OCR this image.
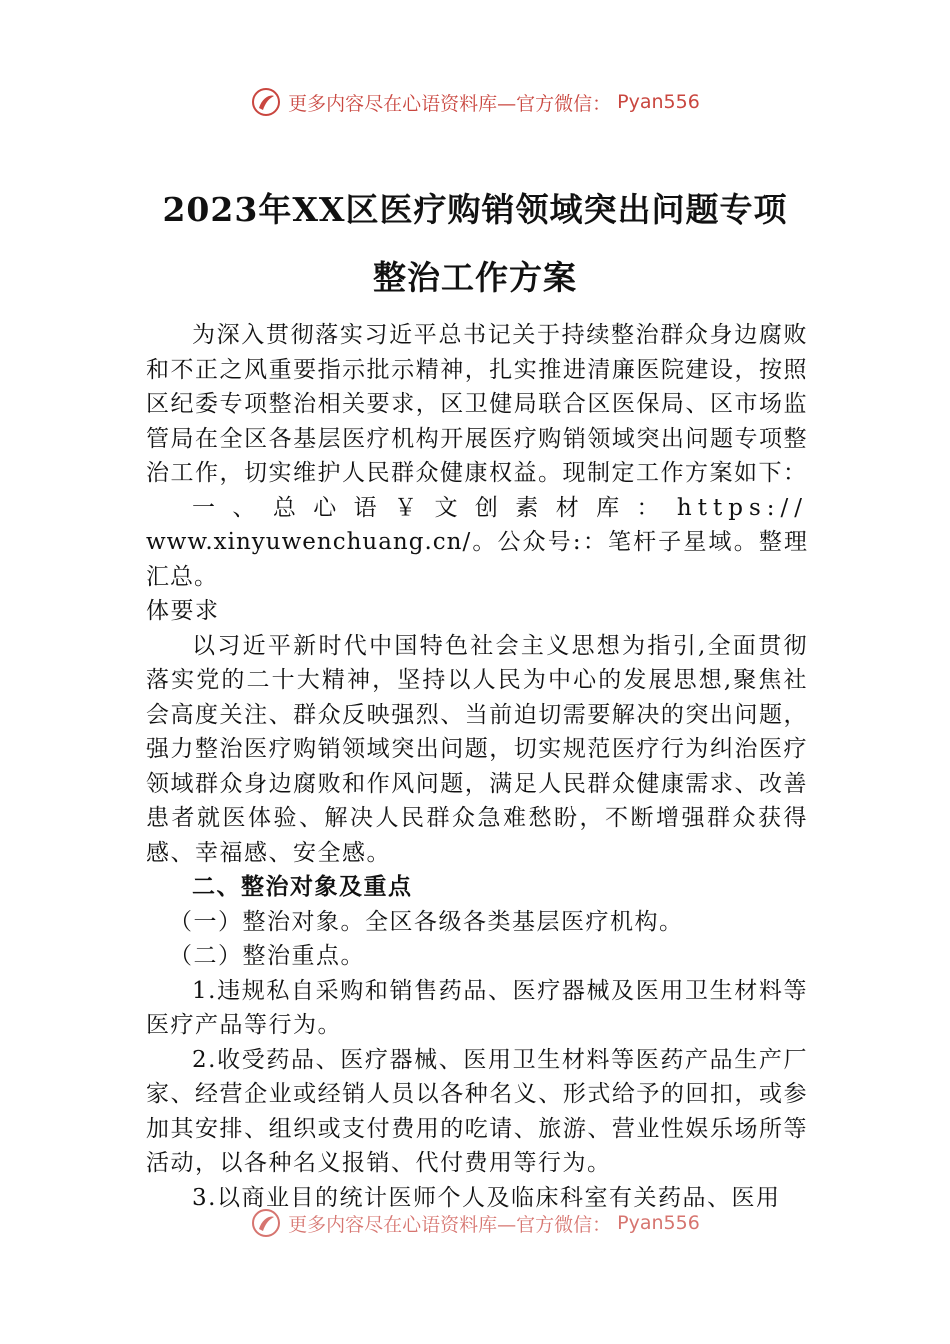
更多内容尽在心语资料库—官方微信： Pyan556
2023年XX区医疗购销领域突出问题专项
整治工作方案

为深入贯彻落实习近平总书记关于持续整治群众身边腐败和不正之风重要指示批示精神，扎实推进清廉医院建设，按照区纪委专项整治相关要求，区卫健局联合区医保局、区市场监管局在全区各基层医疗机构开展医疗购销领域突出问题专项整治工作，切实维护人民群众健康权益。现制定工作方案如下：

一、总心语￥文创素材库：https://

www.xinyuwenchuang.cn/。公众号:：笔杆子星域。整理汇总。

体要求

以习近平新时代中国特色社会主义思想为指引,全面贯彻落实党的二十大精神，坚持以人民为中心的发展思想,聚焦社会高度关注、群众反映强烈、当前迫切需要解决的突出问题，强力整治医疗购销领域突出问题，切实规范医疗行为纠治医疗领域群众身边腐败和作风问题，满足人民群众健康需求、改善患者就医体验、解决人民群众急难愁盼，不断增强群众获得感、幸福感、安全感。

二、整治对象及重点

（一）整治对象。全区各级各类基层医疗机构。

（二）整治重点。

1.违规私自采购和销售药品、医疗器械及医用卫生材料等医疗产品等行为。

2.收受药品、医疗器械、医用卫生材料等医药产品生产厂家、经营企业或经销人员以各种名义、形式给予的回扣，或参加其安排、组织或支付费用的吃请、旅游、营业性娱乐场所等活动，以各种名义报销、代付费用等行为。

3.以商业目的统计医师个人及临床科室有关药品、医用

更多内容尽在心语资料库—官方微信： Pyan556
